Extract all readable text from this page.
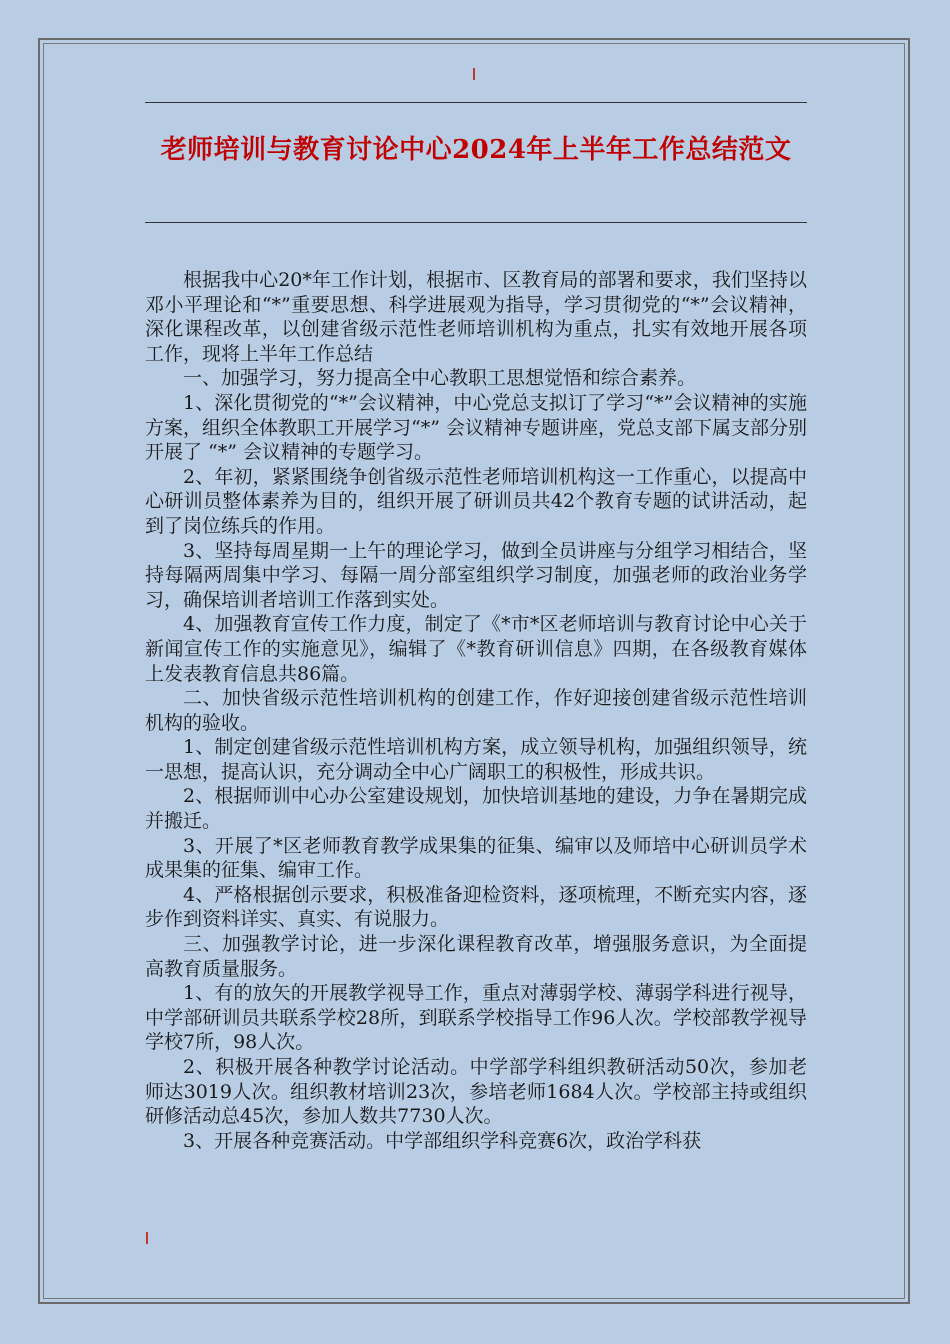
老师培训与教育讨论中心2024年上半年工作总结范文

根据我中心20*年工作计划，根据市、区教育局的部署和要求，我们坚持以邓小平理论和“*”重要思想、科学进展观为指导，学习贯彻党的“*”会议精神，深化课程改革，以创建省级示范性老师培训机构为重点，扎实有效地开展各项工作，现将上半年工作总结

一、加强学习，努力提高全中心教职工思想觉悟和综合素养。

1、深化贯彻党的“*”会议精神，中心党总支拟订了学习“*”会议精神的实施方案，组织全体教职工开展学习“*” 会议精神专题讲座，党总支部下属支部分别开展了 “*” 会议精神的专题学习。

2、年初，紧紧围绕争创省级示范性老师培训机构这一工作重心，以提高中心研训员整体素养为目的，组织开展了研训员共42个教育专题的试讲活动，起到了岗位练兵的作用。

3、坚持每周星期一上午的理论学习，做到全员讲座与分组学习相结合，坚持每隔两周集中学习、每隔一周分部室组织学习制度，加强老师的政治业务学习，确保培训者培训工作落到实处。

4、加强教育宣传工作力度，制定了《*市*区老师培训与教育讨论中心关于新闻宣传工作的实施意见》，编辑了《*教育研训信息》四期，在各级教育媒体上发表教育信息共86篇。

二、加快省级示范性培训机构的创建工作，作好迎接创建省级示范性培训机构的验收。

1、制定创建省级示范性培训机构方案，成立领导机构，加强组织领导，统一思想，提高认识，充分调动全中心广阔职工的积极性，形成共识。

2、根据师训中心办公室建设规划，加快培训基地的建设，力争在暑期完成并搬迁。

3、开展了*区老师教育教学成果集的征集、编审以及师培中心研训员学术成果集的征集、编审工作。

4、严格根据创示要求，积极准备迎检资料，逐项梳理，不断充实内容，逐步作到资料详实、真实、有说服力。

三、加强教学讨论，进一步深化课程教育改革，增强服务意识，为全面提高教育质量服务。

1、有的放矢的开展教学视导工作，重点对薄弱学校、薄弱学科进行视导，中学部研训员共联系学校28所，到联系学校指导工作96人次。学校部教学视导学校7所，98人次。

2、积极开展各种教学讨论活动。中学部学科组织教研活动50次，参加老师达3019人次。组织教材培训23次，参培老师1684人次。学校部主持或组织研修活动总45次，参加人数共7730人次。

3、开展各种竞赛活动。中学部组织学科竞赛6次，政治学科获
